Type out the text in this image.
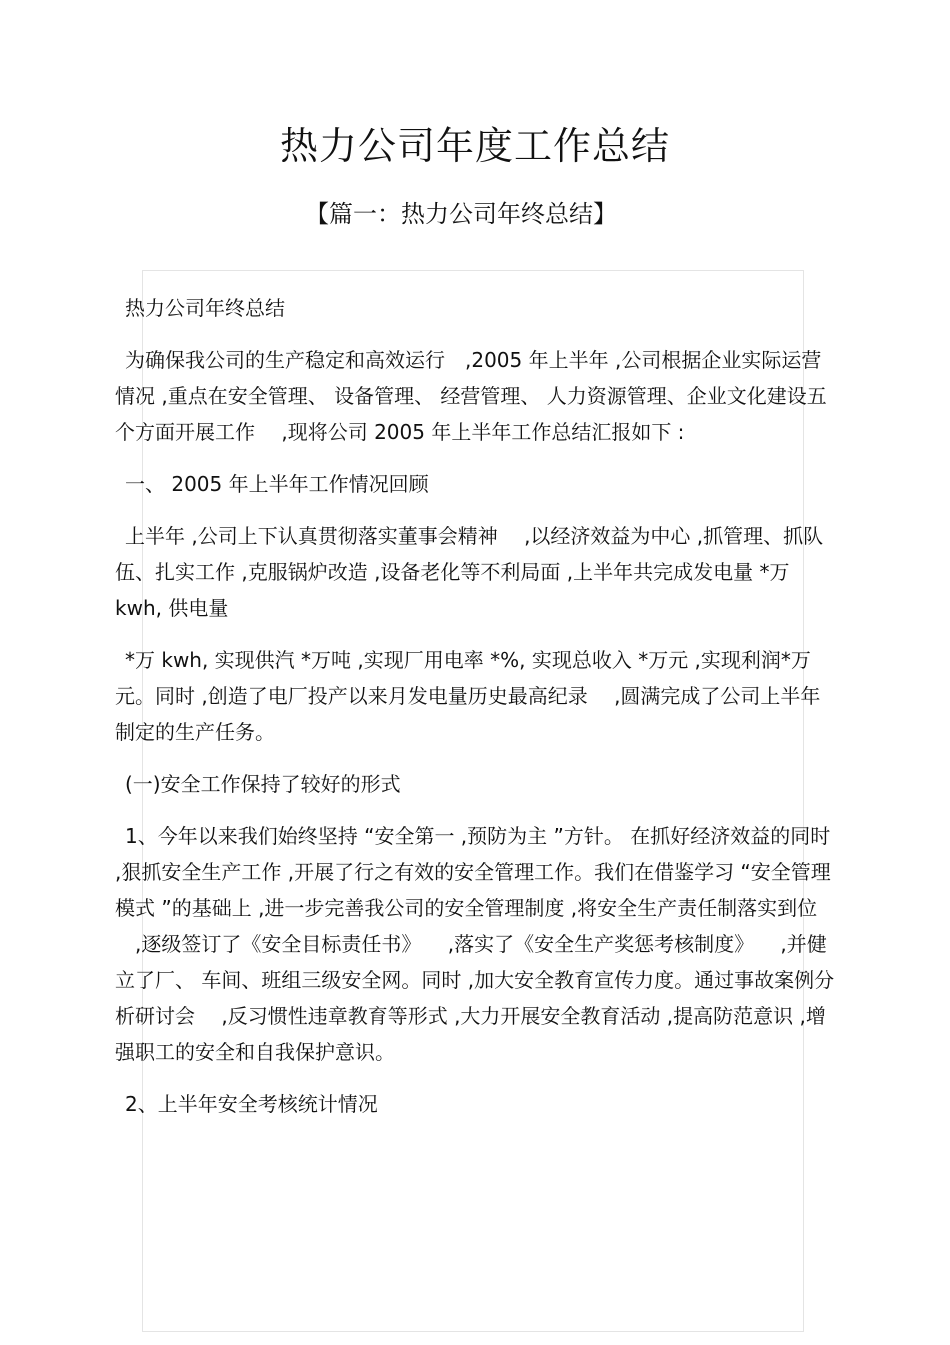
热力公司年度工作总结
【篇一：热力公司年终总结】

热力公司年终总结

为确保我公司的生产稳定和高效运行　,2005 年上半年 ,公司根据企业实际运营情况 ,重点在安全管理、 设备管理、 经营管理、 人力资源管理、企业文化建设五个方面开展工作 　,现将公司 2005 年上半年工作总结汇报如下 :

一、 2005 年上半年工作情况回顾

上半年 ,公司上下认真贯彻落实董事会精神　 ,以经济效益为中心 ,抓管理、抓队伍、扎实工作 ,克服锅炉改造 ,设备老化等不利局面 ,上半年共完成发电量 *万 kwh, 供电量

*万 kwh, 实现供汽 *万吨 ,实现厂用电率 *%, 实现总收入 *万元 ,实现利润*万元。同时 ,创造了电厂投产以来月发电量历史最高纪录 　,圆满完成了公司上半年制定的生产任务。

(一)安全工作保持了较好的形式

1、今年以来我们始终坚持 “安全第一 ,预防为主 ”方针。 在抓好经济效益的同时 ,狠抓安全生产工作 ,开展了行之有效的安全管理工作。我们在借鉴学习 “安全管理模式 ”的基础上 ,进一步完善我公司的安全管理制度 ,将安全生产责任制落实到位 　,逐级签订了《安全目标责任书》 　,落实了《安全生产奖惩考核制度》 　,并健立了厂、 车间、班组三级安全网。同时 ,加大安全教育宣传力度。通过事故案例分析研讨会 　,反习惯性违章教育等形式 ,大力开展安全教育活动 ,提高防范意识 ,增强职工的安全和自我保护意识。

2、上半年安全考核统计情况
